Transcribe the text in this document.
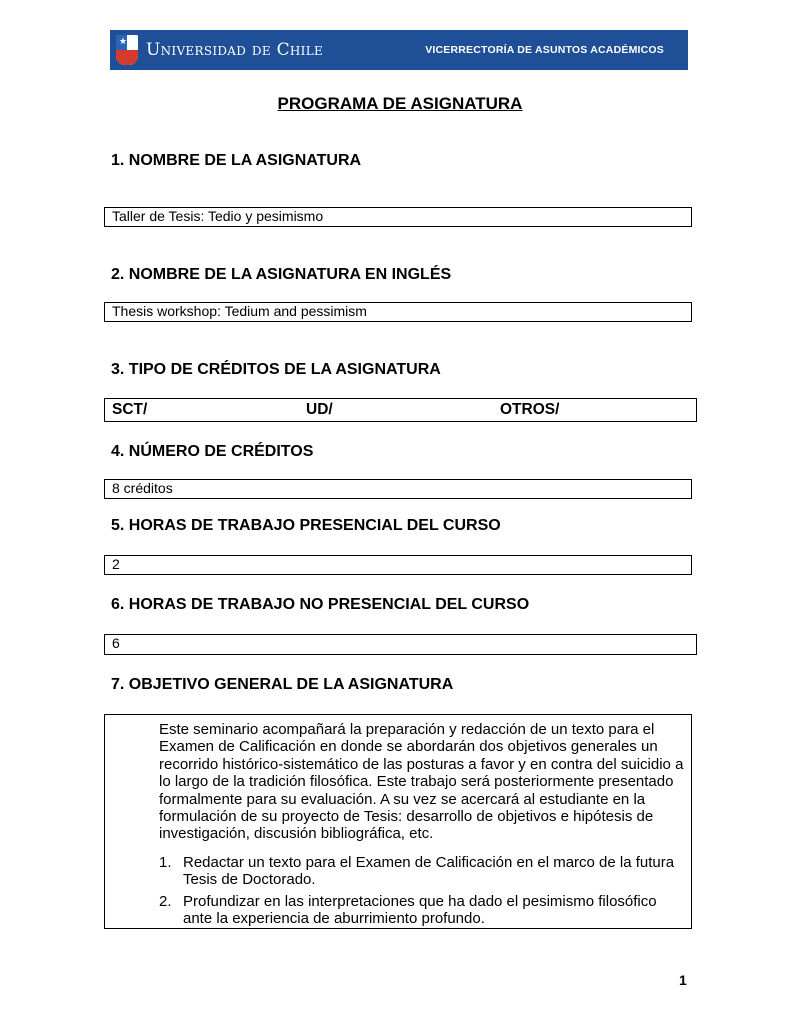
★ Universidad de Chile	VICERRECTORÍA DE ASUNTOS ACADÉMICOS
PROGRAMA DE ASIGNATURA
1. NOMBRE DE LA ASIGNATURA
Taller de Tesis: Tedio y pesimismo
2. NOMBRE DE LA ASIGNATURA EN INGLÉS
Thesis workshop: Tedium and pessimism
3. TIPO DE CRÉDITOS DE LA ASIGNATURA
SCT/	UD/	OTROS/
4. NÚMERO DE CRÉDITOS
8 créditos
5. HORAS DE TRABAJO PRESENCIAL DEL CURSO
2
6. HORAS DE TRABAJO NO PRESENCIAL DEL CURSO
6
7. OBJETIVO GENERAL DE LA ASIGNATURA
Este seminario acompañará la preparación y redacción de un texto para el Examen de Calificación en donde se abordarán dos objetivos generales un recorrido histórico-sistemático de las posturas a favor y en contra del suicidio a lo largo de la tradición filosófica. Este trabajo será posteriormente presentado formalmente para su evaluación. A su vez se acercará al estudiante en la formulación de su proyecto de Tesis: desarrollo de objetivos e hipótesis de investigación, discusión bibliográfica, etc.
1. Redactar un texto para el Examen de Calificación en el marco de la futura Tesis de Doctorado.
2. Profundizar en las interpretaciones que ha dado el pesimismo filosófico ante la experiencia de aburrimiento profundo.
1
